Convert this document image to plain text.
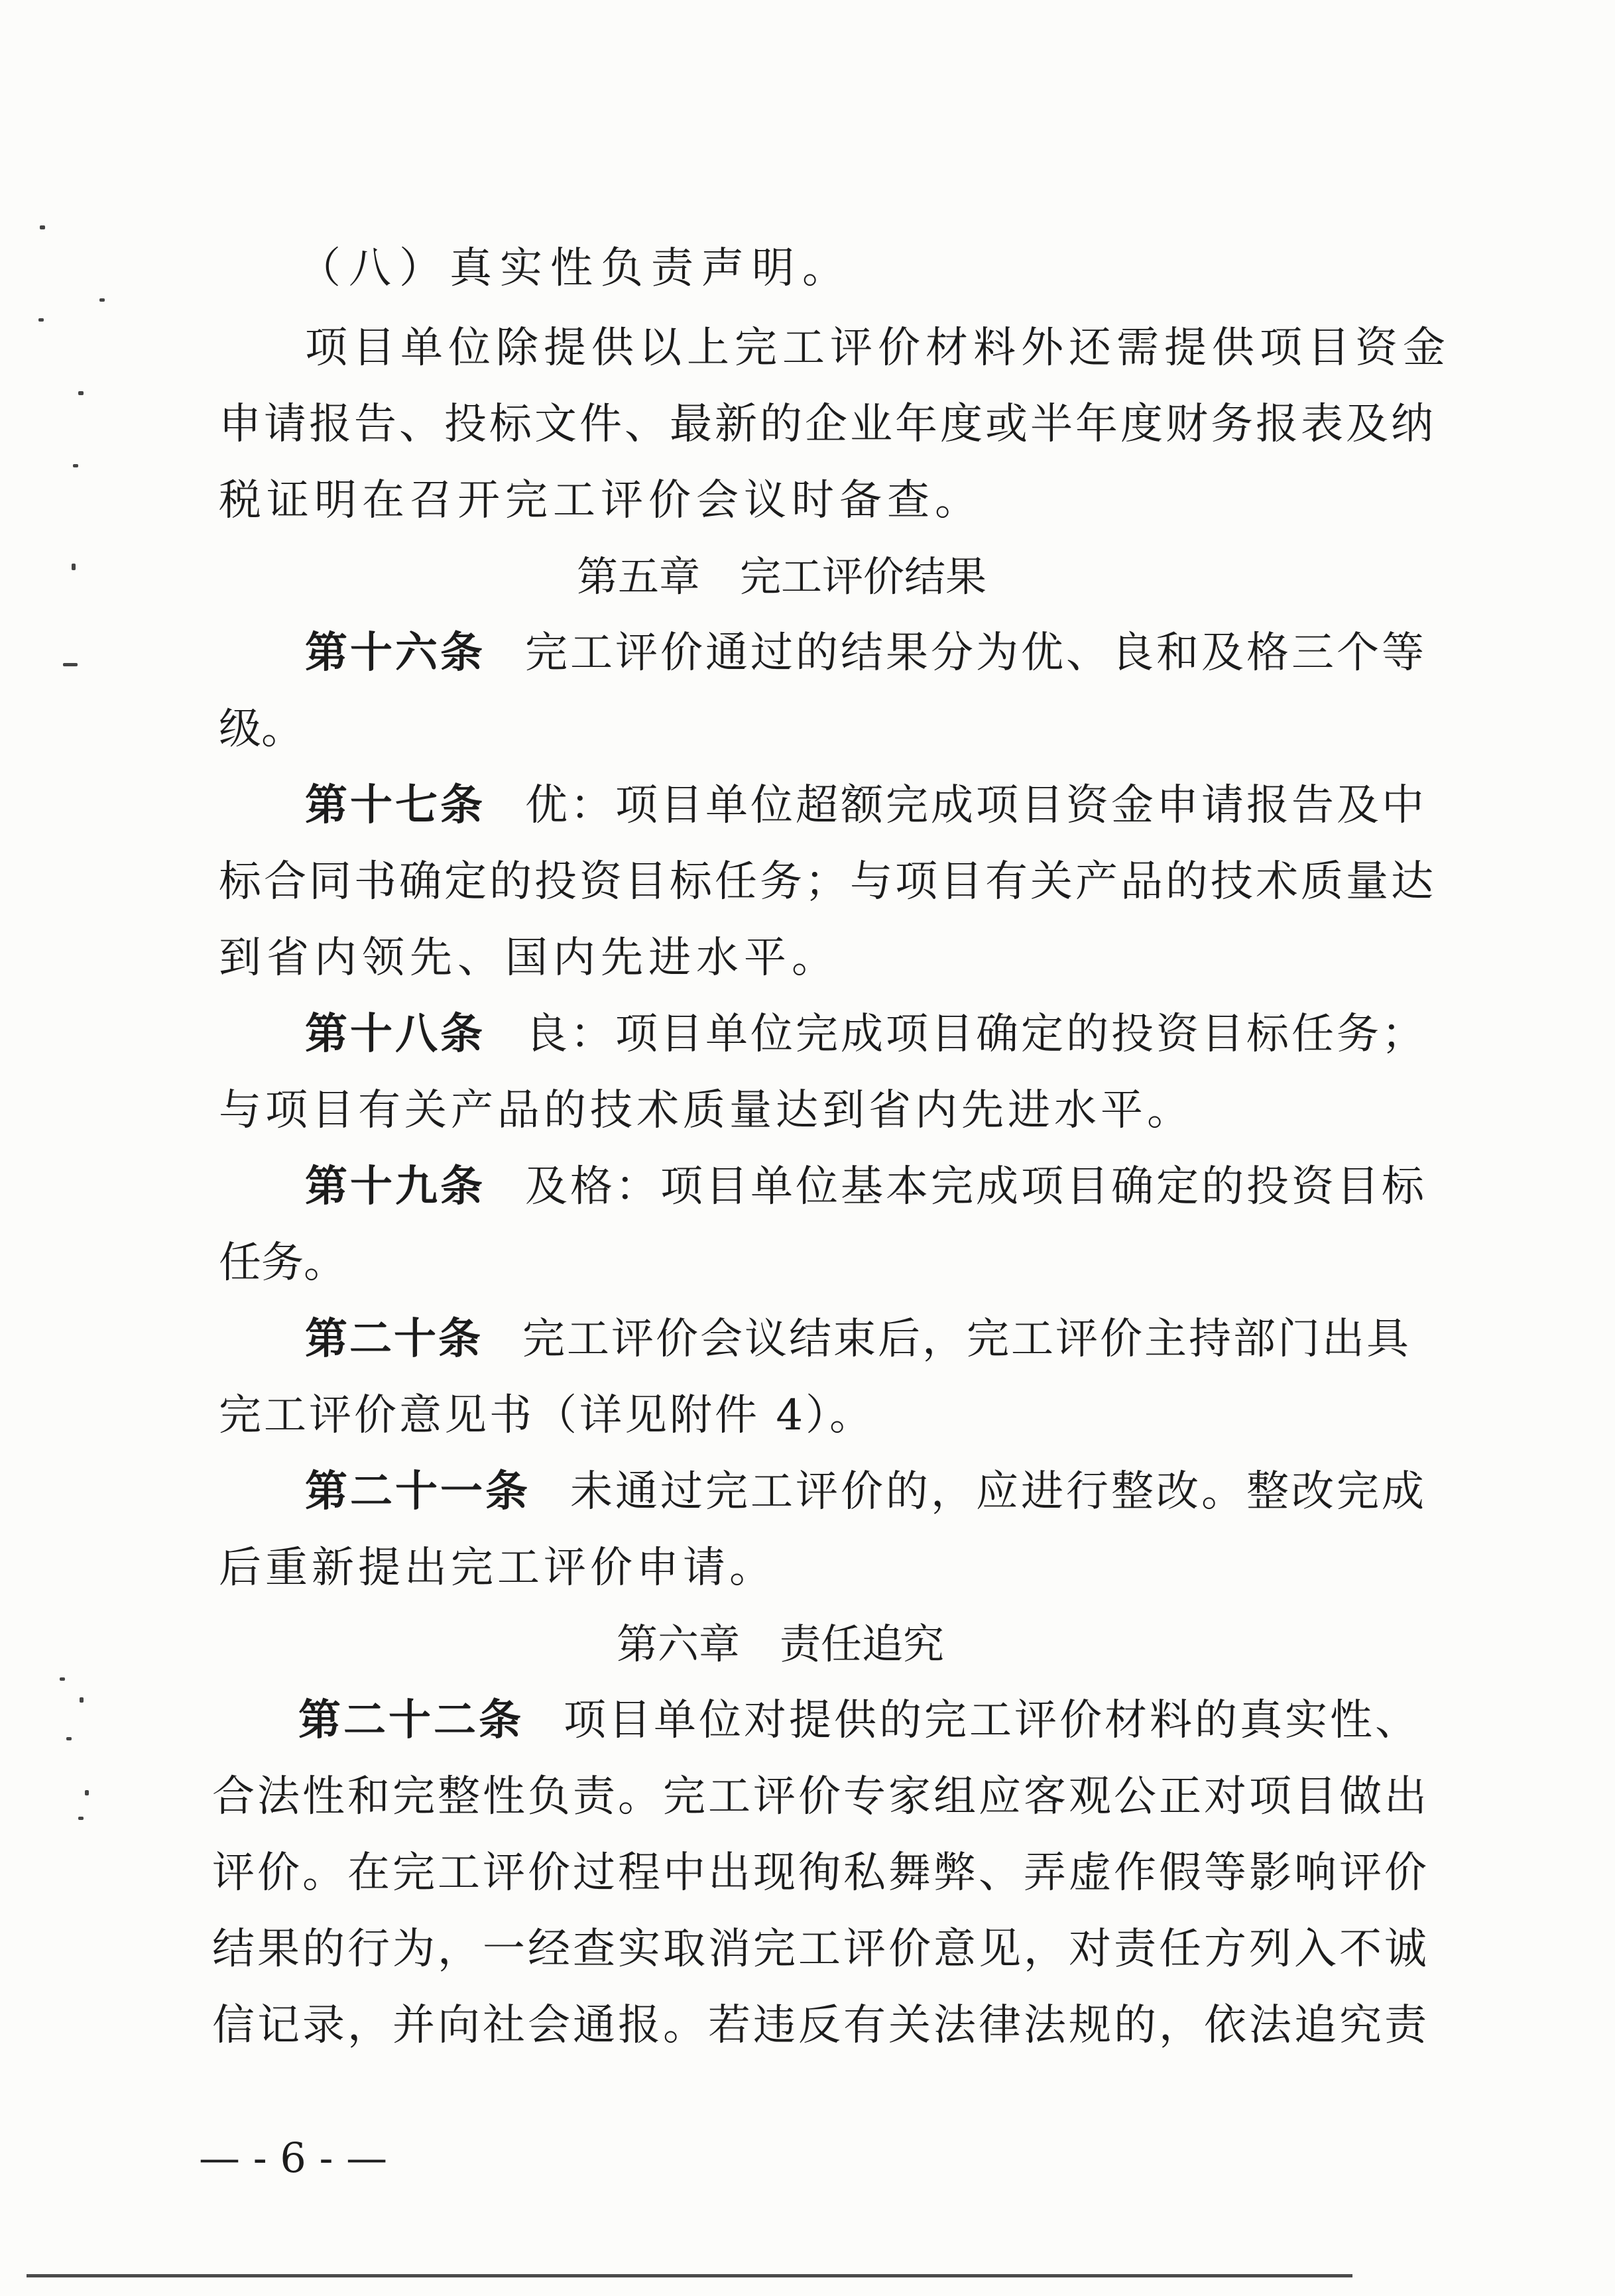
（八）真实性负责声明。
项目单位除提供以上完工评价材料外还需提供项目资金
申请报告、投标文件、最新的企业年度或半年度财务报表及纳
税证明在召开完工评价会议时备查。
第五章 完工评价结果
第十六条 完工评价通过的结果分为优、良和及格三个等
级。
第十七条 优：项目单位超额完成项目资金申请报告及中
标合同书确定的投资目标任务；与项目有关产品的技术质量达
到省内领先、国内先进水平。
第十八条 良：项目单位完成项目确定的投资目标任务；
与项目有关产品的技术质量达到省内先进水平。
第十九条 及格：项目单位基本完成项目确定的投资目标
任务。
第二十条 完工评价会议结束后，完工评价主持部门出具
完工评价意见书（详见附件 4）。
第二十一条 未通过完工评价的，应进行整改。整改完成
后重新提出完工评价申请。
第六章 责任追究
第二十二条 项目单位对提供的完工评价材料的真实性、
合法性和完整性负责。完工评价专家组应客观公正对项目做出
评价。在完工评价过程中出现徇私舞弊、弄虚作假等影响评价
结果的行为，一经查实取消完工评价意见，对责任方列入不诚
信记录，并向社会通报。若违反有关法律法规的，依法追究责
— - 6 - —
